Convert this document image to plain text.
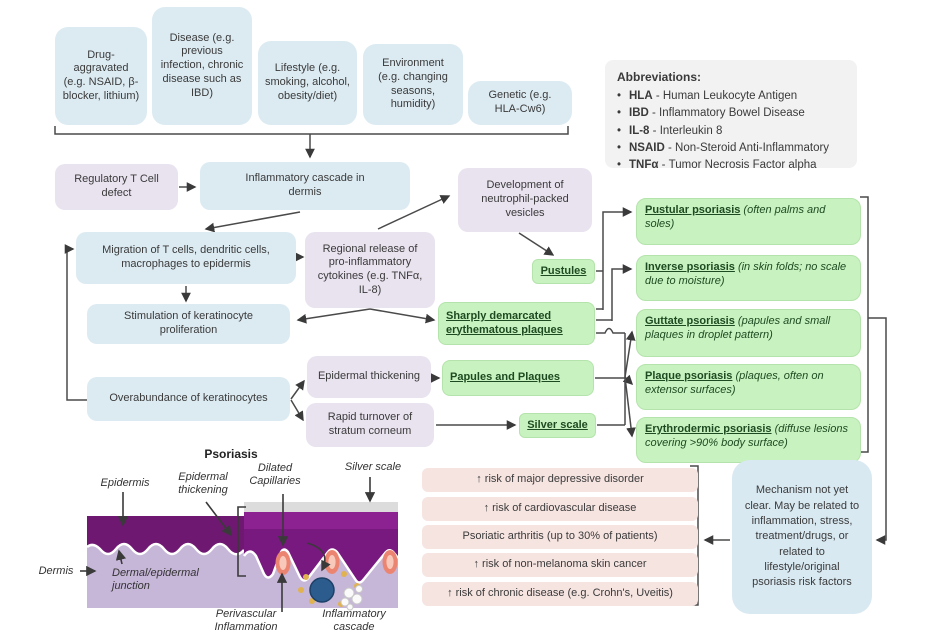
Drug-aggravated (e.g. NSAID, β-blocker, lithium)
Disease (e.g. previous infection, chronic disease such as IBD)
Lifestyle (e.g. smoking, alcohol, obesity/diet)
Environment (e.g. changing seasons, humidity)
Genetic (e.g. HLA-Cw6)
Abbreviations:
• HLA - Human Leukocyte Antigen
• IBD - Inflammatory Bowel Disease
• IL-8 - Interleukin 8
• NSAID - Non-Steroid Anti-Inflammatory
• TNFα - Tumor Necrosis Factor alpha
Regulatory T Cell defect
Inflammatory cascade in dermis
Development of neutrophil-packed vesicles
Migration of T cells, dendritic cells, macrophages to epidermis
Regional release of pro-inflammatory cytokines (e.g. TNFα, IL-8)
Stimulation of keratinocyte proliferation
Overabundance of keratinocytes
Epidermal thickening
Rapid turnover of stratum corneum
Pustules
Sharply demarcated erythematous plaques
Papules and Plaques
Silver scale
Pustular psoriasis (often palms and soles)
Inverse psoriasis (in skin folds; no scale due to moisture)
Guttate psoriasis (papules and small plaques in droplet pattern)
Plaque psoriasis (plaques, often on extensor surfaces)
Erythrodermic psoriasis (diffuse lesions covering >90% body surface)
↑ risk of major depressive disorder
↑ risk of cardiovascular disease
Psoriatic arthritis (up to 30% of patients)
↑ risk of non-melanoma skin cancer
↑ risk of chronic disease (e.g. Crohn's, Uveitis)
Mechanism not yet clear. May be related to inflammation, stress, treatment/drugs, or related to lifestyle/original psoriasis risk factors
Psoriasis
Epidermis	Epidermal thickening
Dilated Capillaries
Silver scale
Dermis	Dermal/epidermal junction
Perivascular Inflammation
Inflammatory cascade
